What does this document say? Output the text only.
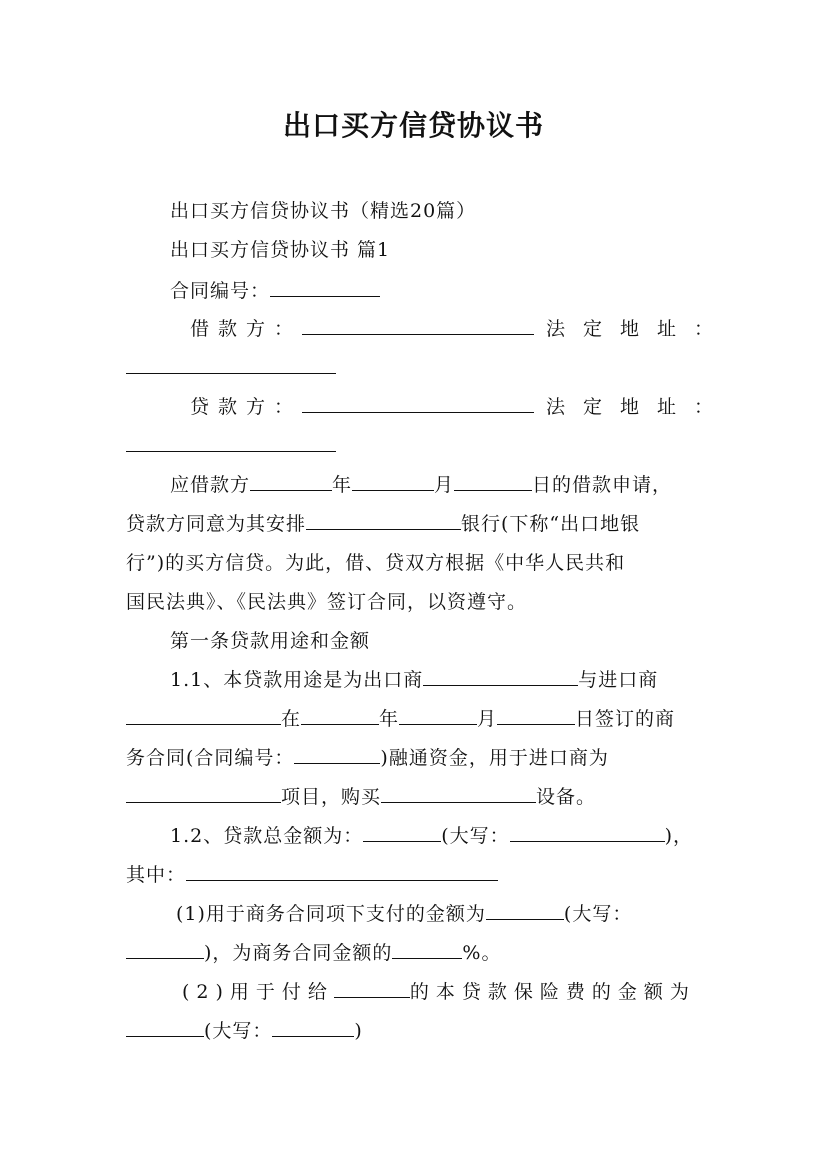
出口买方信贷协议书
出口买方信贷协议书（精选20篇）
出口买方信贷协议书 篇1
合同编号：
借款方：	法定地址：
贷款方：	法定地址：
应借款方	年	月	日的借款申请，
贷款方同意为其安排	银行(下称“出口地银
行”)的买方信贷。为此，借、贷双方根据《中华人民共和
国民法典》、《民法典》签订合同，以资遵守。
第一条贷款用途和金额
1.1、本贷款用途是为出口商	与进口商
在	年	月	日签订的商
务合同(合同编号：	)融通资金，用于进口商为
项目，购买	设备。
1.2、贷款总金额为：	(大写：	)，
其中：
(1)用于商务合同项下支付的金额为	(大写：
)，为商务合同金额的	%。
(2)用于付给	的本贷款保险费的金额为
(大写：	)
